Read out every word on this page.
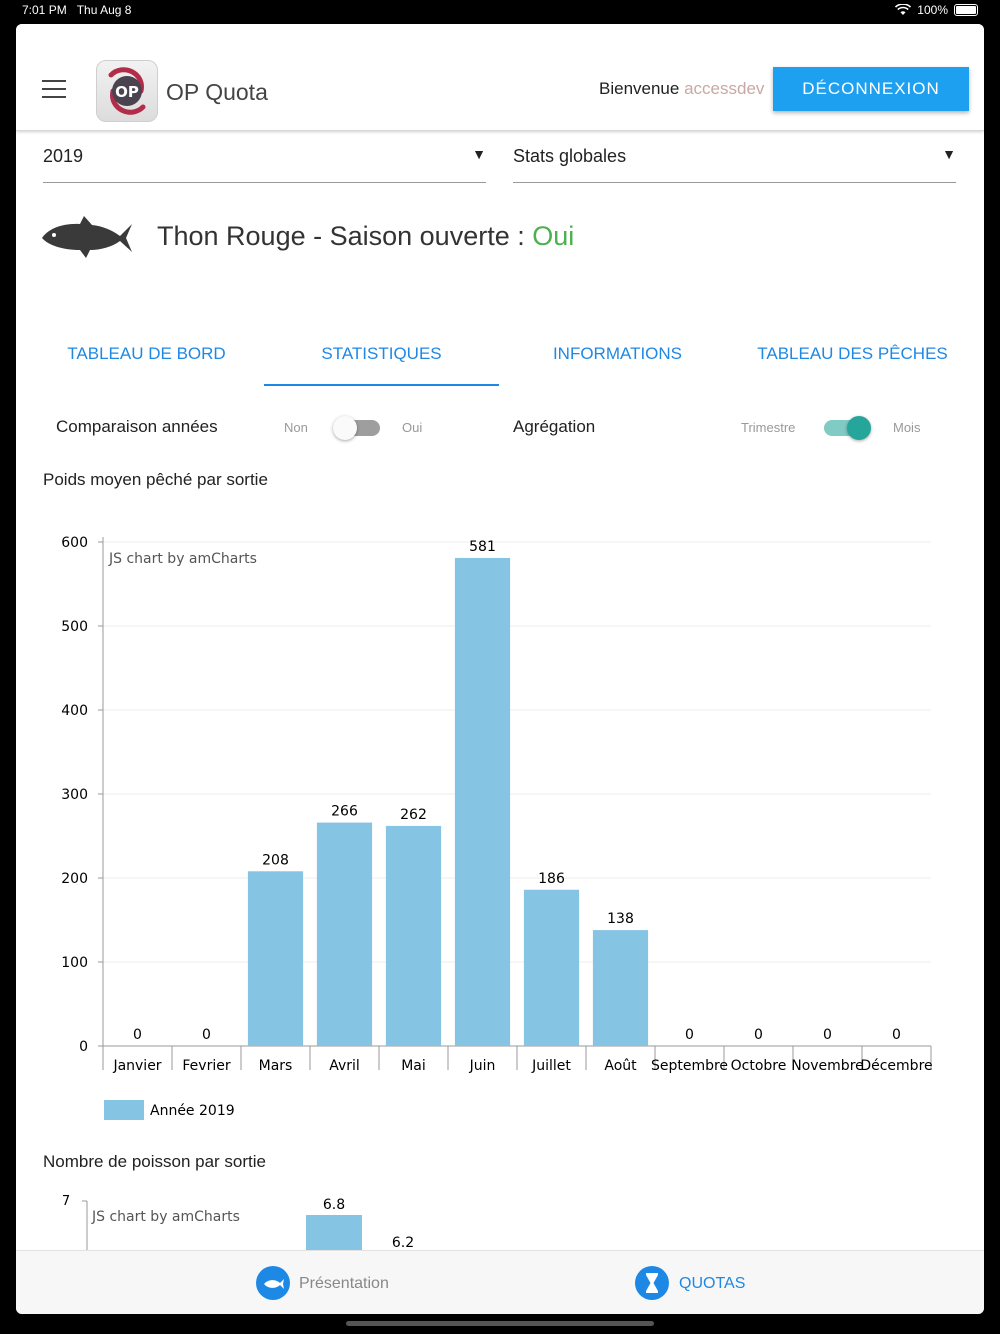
7:01 PM Thu Aug 8	100%
OP OP Quota	Bienvenue accessdev	DÉCONNEXION
2019	▼ Stats globales	▼
Thon Rouge - Saison ouverte : Oui
TABLEAU DE BORD	STATISTIQUES	INFORMATIONS	TABLEAU DES PÊCHES
Comparaison années	Non	Oui	Agrégation	Trimestre	Mois
Poids moyen pêché par sortie
0
100
200
300
400
500
600
JS chart by amCharts
0
Janvier
0
Fevrier
208
Mars
266
Avril
262
Mai
581
Juin
186
Juillet
138
Août
0
Septembre
0
Octobre
0
Novembre
0
Décembre
Année 2019
Nombre de poisson par sortie
7
JS chart by amCharts
6.8
6.2
Présentation	QUOTAS
